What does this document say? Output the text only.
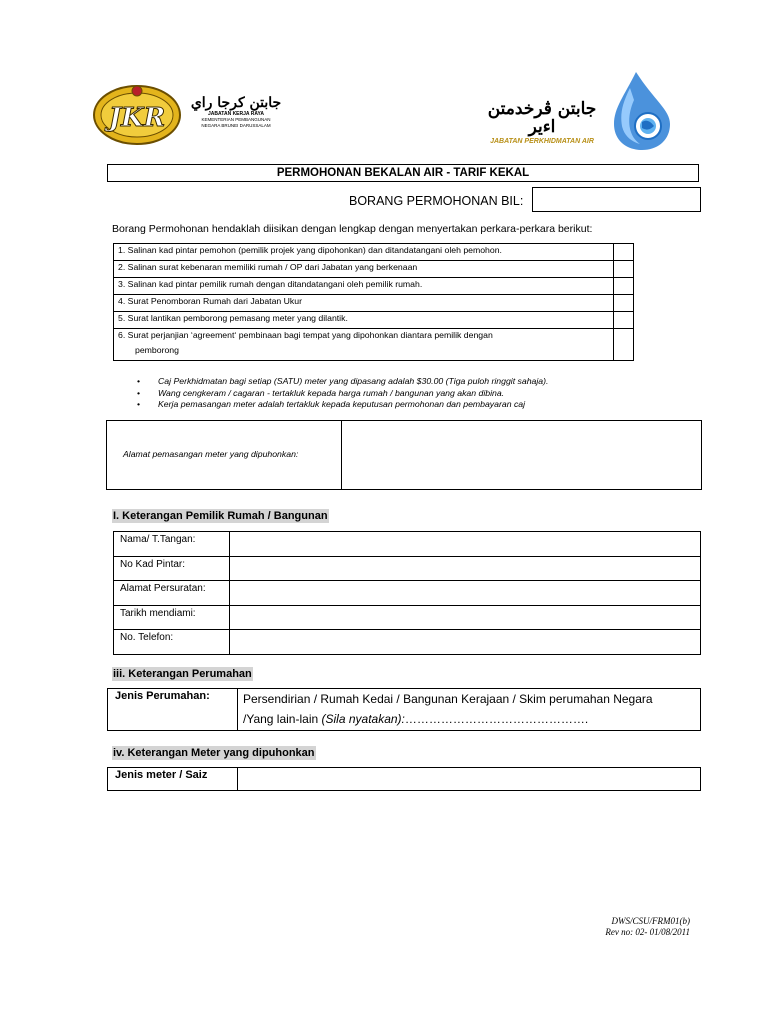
JKR	جابتن كرجا راي
JABATAN KERJA RAYA
KEMENTERIAN PEMBANGUNAN
NEGARA BRUNEI DARUSSALAM
جابتن ڤرخدمتن اءير
JABATAN PERKHIDMATAN AIR
PERMOHONAN BEKALAN AIR - TARIF KEKAL
BORANG PERMOHONAN BIL:
Borang Permohonan hendaklah diisikan dengan lengkap dengan menyertakan perkara-perkara berikut:
1. Salinan kad pintar pemohon (pemilik projek yang dipohonkan) dan ditandatangani oleh pemohon.	
2. Salinan surat kebenaran memiliki rumah / OP dari Jabatan yang berkenaan	
3. Salinan kad pintar pemilik rumah dengan ditandatangani oleh pemilik rumah.	
4. Surat Penomboran Rumah dari Jabatan Ukur	
5. Surat lantikan pemborong pemasang meter yang dilantik.	
6. Surat perjanjian ‘agreement‘ pembinaan bagi tempat yang dipohonkan diantara pemilik dengan
pemborong	
• Caj Perkhidmatan bagi setiap (SATU) meter yang dipasang adalah $30.00 (Tiga puloh ringgit sahaja).
• Wang cengkeram / cagaran - tertakluk kepada harga rumah / bangunan yang akan dibina.
• Kerja pemasangan meter adalah tertakluk kepada keputusan permohonan dan pembayaran caj
Alamat pemasangan meter yang dipuhonkan:
I. Keterangan Pemilik Rumah / Bangunan
Nama/ T.Tangan:	
No Kad Pintar:	
Alamat Persuratan:	
Tarikh mendiami:	
No. Telefon:	
iii. Keterangan Perumahan
Jenis Perumahan:	Persendirian / Rumah Kedai / Bangunan Kerajaan / Skim perumahan Negara
/Yang lain-lain (Sila nyatakan):……………………………………….
iv. Keterangan Meter yang dipuhonkan
Jenis meter / Saiz	
DWS/CSU/FRM01(b)
Rev no: 02- 01/08/2011
